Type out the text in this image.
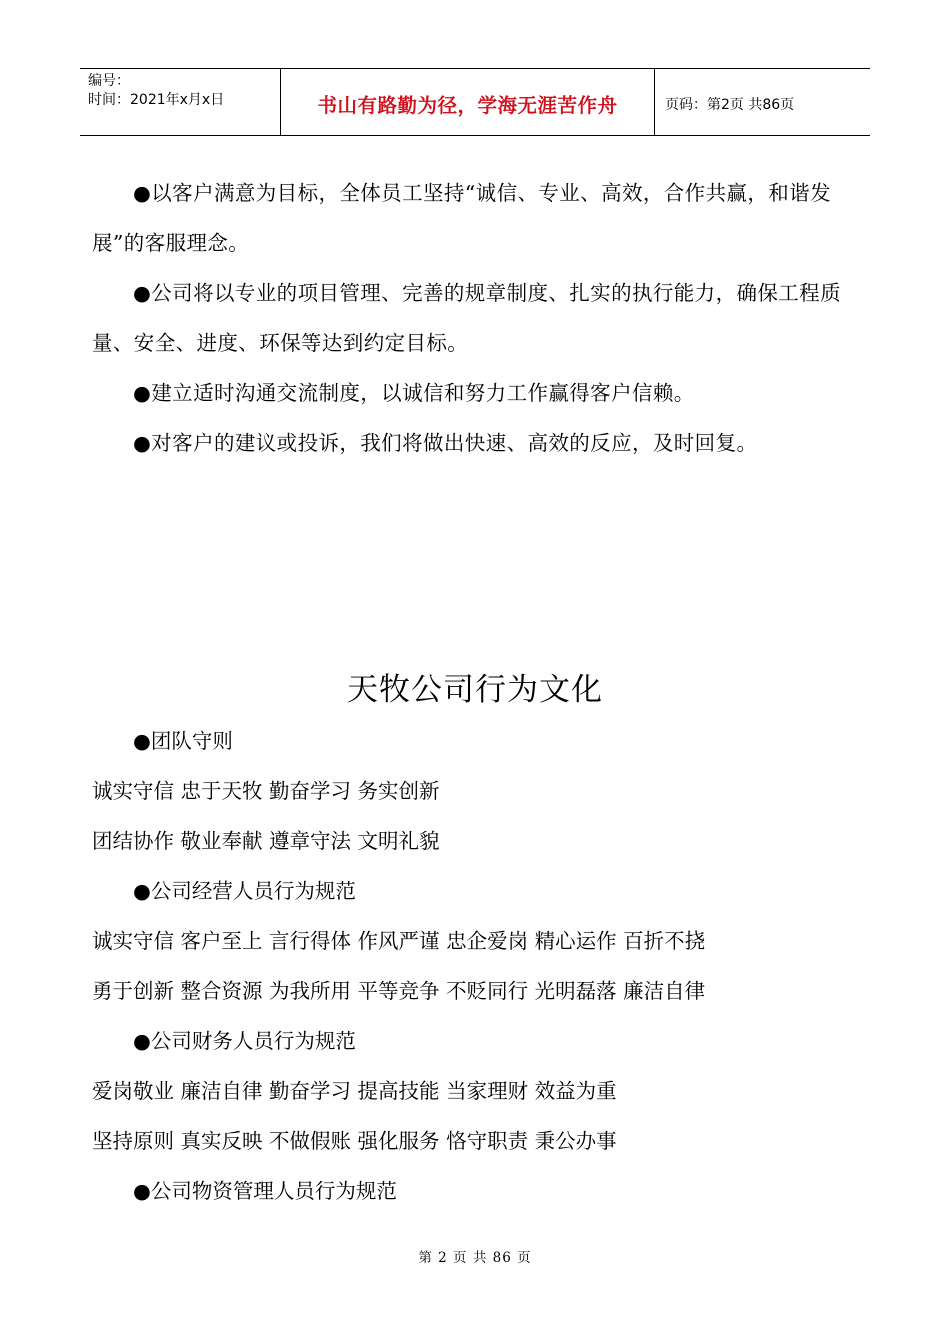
编号：
时间：2021年x月x日	书山有路勤为径，学海无涯苦作舟	页码：第2页 共86页

●以客户满意为目标，全体员工坚持“诚信、专业、高效，合作共赢，和谐发展”的客服理念。

●公司将以专业的项目管理、完善的规章制度、扎实的执行能力，确保工程质量、安全、进度、环保等达到约定目标。

●建立适时沟通交流制度，以诚信和努力工作赢得客户信赖。

●对客户的建议或投诉，我们将做出快速、高效的反应，及时回复。

天牧公司行为文化

●团队守则

诚实守信 忠于天牧 勤奋学习 务实创新

团结协作 敬业奉献 遵章守法 文明礼貌

●公司经营人员行为规范

诚实守信 客户至上 言行得体 作风严谨 忠企爱岗 精心运作 百折不挠

勇于创新 整合资源 为我所用 平等竞争 不贬同行 光明磊落 廉洁自律

●公司财务人员行为规范

爱岗敬业 廉洁自律 勤奋学习 提高技能 当家理财 效益为重

坚持原则 真实反映 不做假账 强化服务 恪守职责 秉公办事

●公司物资管理人员行为规范

第 2 页 共 86 页
